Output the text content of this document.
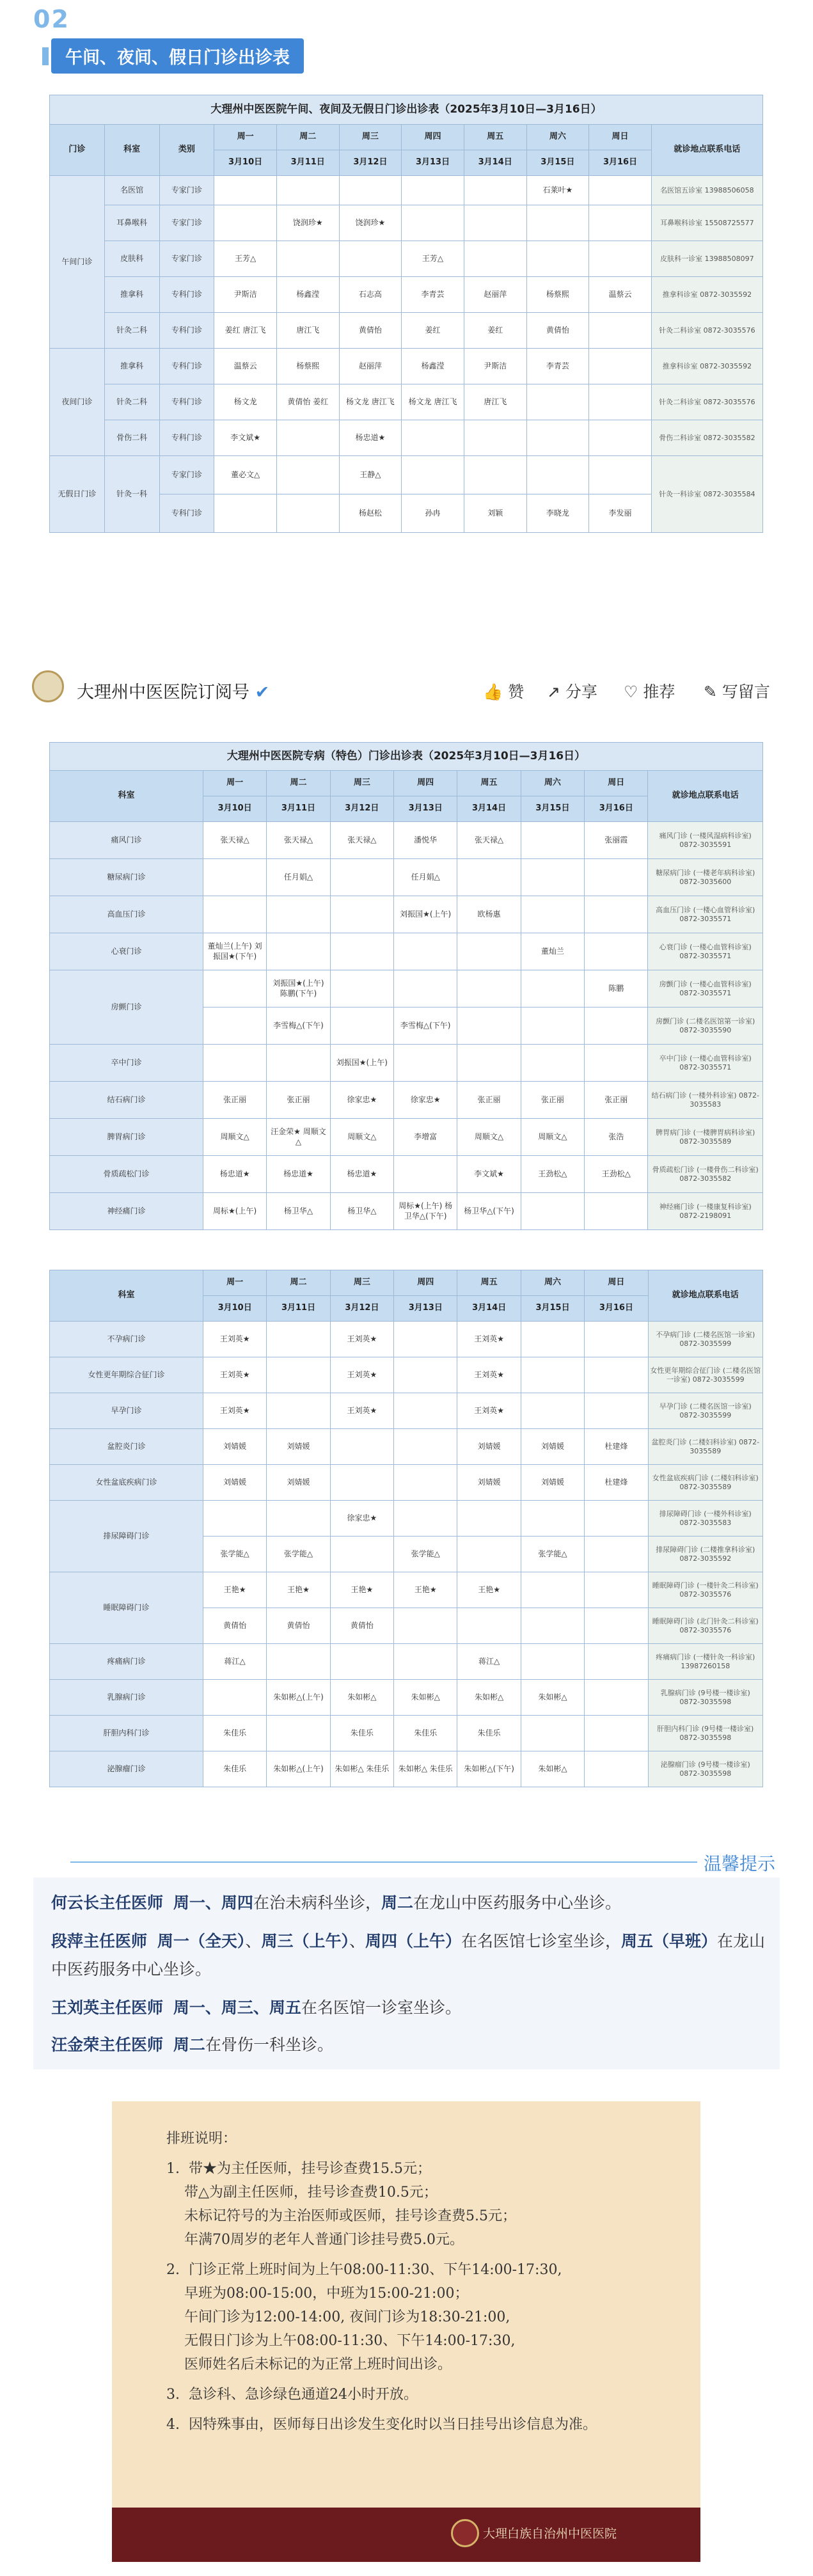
02
午间、夜间、假日门诊出诊表
大理州中医医院午间、夜间及无假日门诊出诊表（2025年3月10日—3月16日）										
门诊	科室	类别	周一	周二	周三	周四	周五	周六	周日	就诊地点联系电话
			3月10日	3月11日	3月12日	3月13日	3月14日	3月15日	3月16日	
午间门诊	名医馆	专家门诊						石莱叶★		名医馆五诊室 13988506058
	耳鼻喉科	专家门诊		饶润珍★	饶润珍★					耳鼻喉科诊室 15508725577
	皮肤科	专家门诊	王芳△			王芳△				皮肤科一诊室 13988508097
	推拿科	专科门诊	尹斯洁	杨鑫滢	石志高	李青芸	赵丽萍	杨蔡熙	温蔡云	推拿科诊室 0872-3035592
	针灸二科	专科门诊	姜红 唐江飞	唐江飞	黄倩怡	姜红	姜红	黄倩怡		针灸二科诊室 0872-3035576
夜间门诊	推拿科	专科门诊	温蔡云	杨蔡熙	赵丽萍	杨鑫滢	尹斯洁	李青芸		推拿科诊室 0872-3035592
	针灸二科	专科门诊	杨文龙	黄倩怡 姜红	杨文龙 唐江飞	杨文龙 唐江飞	唐江飞			针灸二科诊室 0872-3035576
	骨伤二科	专科门诊	李文斌★		杨忠道★					骨伤二科诊室 0872-3035582
无假日门诊	针灸一科	专家门诊	董必文△		王静△					针灸一科诊室 0872-3035584
		专科门诊			杨赵松	孙冉	刘颖	李晓龙	李发丽	
大理州中医医院订阅号 ✔	👍 赞 ↗ 分享 ♡ 推荐 ✎ 写留言
大理州中医医院专病（特色）门诊出诊表（2025年3月10日—3月16日）								
科室	周一	周二	周三	周四	周五	周六	周日	就诊地点联系电话
	3月10日	3月11日	3月12日	3月13日	3月14日	3月15日	3月16日	
痛风门诊	张天禄△	张天禄△	张天禄△	潘悦华	张天禄△		张丽霞	痛风门诊 (一楼风湿病科诊室) 0872-3035591
糖尿病门诊		任月娟△		任月娟△				糖尿病门诊 (一楼老年病科诊室) 0872-3035600
高血压门诊				刘振国★(上午)	欧杨惠			高血压门诊 (一楼心血管科诊室) 0872-3035571
心衰门诊	董灿兰(上午) 刘振国★(下午)					董灿兰		心衰门诊 (一楼心血管科诊室) 0872-3035571
房颤门诊		刘振国★(上午) 陈鹏(下午)					陈鹏	房颤门诊 (一楼心血管科诊室) 0872-3035571
		李雪梅△(下午)		李雪梅△(下午)				房颤门诊 (二楼名医馆第一诊室) 0872-3035590
卒中门诊			刘振国★(上午)					卒中门诊 (一楼心血管科诊室) 0872-3035571
结石病门诊	张正丽	张正丽	徐家忠★	徐家忠★	张正丽	张正丽	张正丽	结石病门诊 (一楼外科诊室) 0872-3035583
脾胃病门诊	周顺文△	汪金荣★ 周顺文△	周顺文△	李增富	周顺文△	周顺文△	张浩	脾胃病门诊 (一楼脾胃病科诊室) 0872-3035589
骨质疏松门诊	杨忠道★	杨忠道★	杨忠道★		李文斌★	王劲松△	王劲松△	骨质疏松门诊 (一楼骨伤二科诊室) 0872-3035582
神经痛门诊	周标★(上午)	杨卫华△	杨卫华△	周标★(上午) 杨卫华△(下午)	杨卫华△(下午)			神经痛门诊 (一楼康复科诊室) 0872-2198091
科室	周一	周二	周三	周四	周五	周六	周日	就诊地点联系电话
	3月10日	3月11日	3月12日	3月13日	3月14日	3月15日	3月16日	
不孕病门诊	王刘英★		王刘英★		王刘英★			不孕病门诊 (二楼名医馆一诊室) 0872-3035599
女性更年期综合征门诊	王刘英★		王刘英★		王刘英★			女性更年期综合征门诊 (二楼名医馆一诊室) 0872-3035599
早孕门诊	王刘英★		王刘英★		王刘英★			早孕门诊 (二楼名医馆一诊室) 0872-3035599
盆腔炎门诊	刘婧媛	刘婧媛			刘婧媛	刘婧媛	杜建烽	盆腔炎门诊 (二楼妇科诊室) 0872-3035589
女性盆底疾病门诊	刘婧媛	刘婧媛			刘婧媛	刘婧媛	杜建烽	女性盆底疾病门诊 (二楼妇科诊室) 0872-3035589
排尿障碍门诊			徐家忠★					排尿障碍门诊 (一楼外科诊室) 0872-3035583
	张学能△	张学能△		张学能△		张学能△		排尿障碍门诊 (二楼推拿科诊室) 0872-3035592
睡眠障碍门诊	王艳★	王艳★	王艳★	王艳★	王艳★			睡眠障碍门诊 (一楼针灸二科诊室) 0872-3035576
	黄倩怡	黄倩怡	黄倩怡					睡眠障碍门诊 (北门针灸二科诊室) 0872-3035576
疼痛病门诊	蒋江△				蒋江△			疼痛病门诊 (一楼针灸一科诊室) 13987260158
乳腺病门诊		朱如彬△(上午)	朱如彬△	朱如彬△	朱如彬△	朱如彬△		乳腺病门诊 (9号楼一楼诊室) 0872-3035598
肝胆内科门诊	朱佳乐		朱佳乐	朱佳乐	朱佳乐			肝胆内科门诊 (9号楼一楼诊室) 0872-3035598
泌腺瘤门诊	朱佳乐	朱如彬△(上午)	朱如彬△ 朱佳乐	朱如彬△ 朱佳乐	朱如彬△(下午)	朱如彬△		泌腺瘤门诊 (9号楼一楼诊室) 0872-3035598
温馨提示

何云长主任医师 周一、周四在治未病科坐诊，周二在龙山中医药服务中心坐诊。

段萍主任医师 周一（全天）、周三（上午）、周四（上午）在名医馆七诊室坐诊，周五（早班）在龙山中医药服务中心坐诊。

王刘英主任医师 周一、周三、周五在名医馆一诊室坐诊。

汪金荣主任医师 周二在骨伤一科坐诊。

排班说明：
1.  带★为主任医师，挂号诊查费15.5元；
带△为副主任医师，挂号诊查费10.5元；
未标记符号的为主治医师或医师，挂号诊查费5.5元；
年满70周岁的老年人普通门诊挂号费5.0元。
2.  门诊正常上班时间为上午08:00-11:30、下午14:00-17:30,
早班为08:00-15:00，中班为15:00-21:00；
午间门诊为12:00-14:00, 夜间门诊为18:30-21:00,
无假日门诊为上午08:00-11:30、下午14:00-17:30,
医师姓名后未标记的为正常上班时间出诊。
3.  急诊科、急诊绿色通道24小时开放。
4.  因特殊事由，医师每日出诊发生变化时以当日挂号出诊信息为准。
大理白族自治州中医医院
